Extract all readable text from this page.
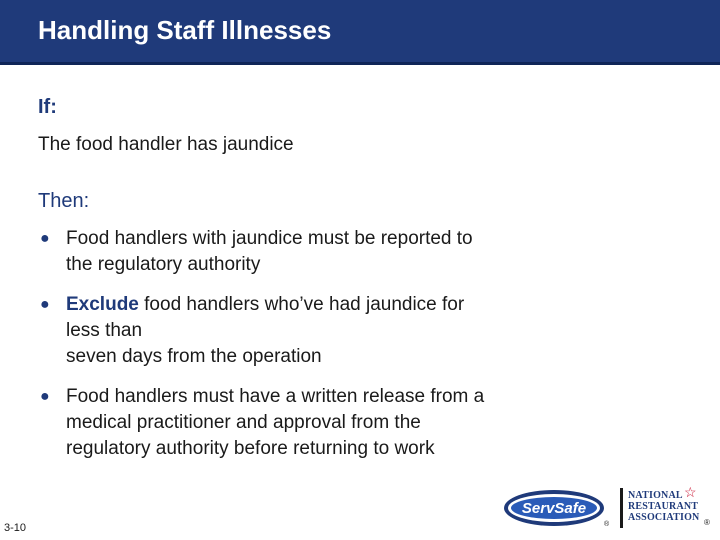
Handling Staff Illnesses
If:
The food handler has jaundice
Then:
● Food handlers with jaundice must be reported to
the regulatory authority
● Exclude food handlers who’ve had jaundice for
less than
seven days from the operation
● Food handlers must have a written release from a
medical practitioner and approval from the
regulatory authority before returning to work
3-10
ServSafe
®
☆
NATIONAL
RESTAURANT
ASSOCIATION ®
